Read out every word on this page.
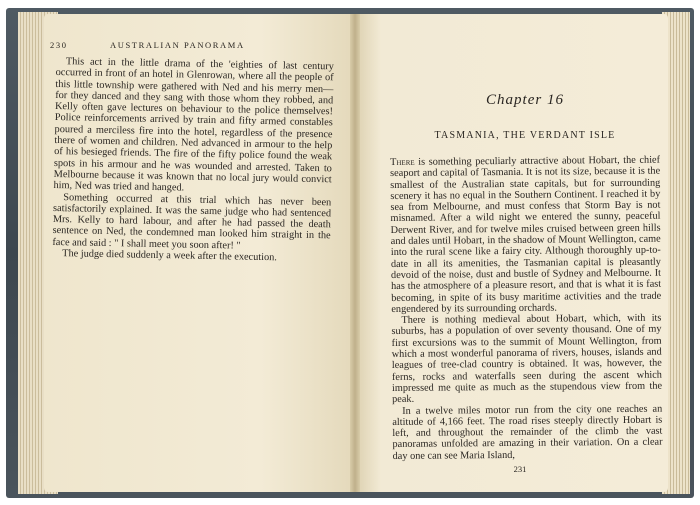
230	AUSTRALIAN PANORAMA

This act in the little drama of the 'eighties of last century occurred in front of an hotel in Glenrowan, where all the people of this little township were gathered with Ned and his merry men—for they danced and they sang with those whom they robbed, and Kelly often gave lectures on behaviour to the police themselves! Police reinforcements arrived by train and fifty armed constables poured a merciless fire into the hotel, regardless of the presence there of women and children. Ned advanced in armour to the help of his besieged friends. The fire of the fifty police found the weak spots in his armour and he was wounded and arrested. Taken to Melbourne because it was known that no local jury would convict him, Ned was tried and hanged.

Something occurred at this trial which has never been satisfactorily explained. It was the same judge who had sentenced Mrs. Kelly to hard labour, and after he had passed the death sentence on Ned, the condemned man looked him straight in the face and said : " I shall meet you soon after! "

The judge died suddenly a week after the execution.

Chapter 16
TASMANIA, THE VERDANT ISLE

There is something peculiarly attractive about Hobart, the chief seaport and capital of Tasmania. It is not its size, because it is the smallest of the Australian state capitals, but for surrounding scenery it has no equal in the Southern Continent. I reached it by sea from Melbourne, and must confess that Storm Bay is not misnamed. After a wild night we entered the sunny, peaceful Derwent River, and for twelve miles cruised between green hills and dales until Hobart, in the shadow of Mount Wellington, came into the rural scene like a fairy city. Although thoroughly up-to-date in all its amenities, the Tasmanian capital is pleasantly devoid of the noise, dust and bustle of Sydney and Melbourne. It has the atmosphere of a pleasure resort, and that is what it is fast becoming, in spite of its busy maritime activities and the trade engendered by its surrounding orchards.

There is nothing medieval about Hobart, which, with its suburbs, has a population of over seventy thousand. One of my first excursions was to the summit of Mount Wellington, from which a most wonderful panorama of rivers, houses, islands and leagues of tree-clad country is obtained. It was, however, the ferns, rocks and waterfalls seen during the ascent which impressed me quite as much as the stupendous view from the peak.

In a twelve miles motor run from the city one reaches an altitude of 4,166 feet. The road rises steeply directly Hobart is left, and throughout the remainder of the climb the vast panoramas unfolded are amazing in their variation. On a clear day one can see Maria Island,

231
